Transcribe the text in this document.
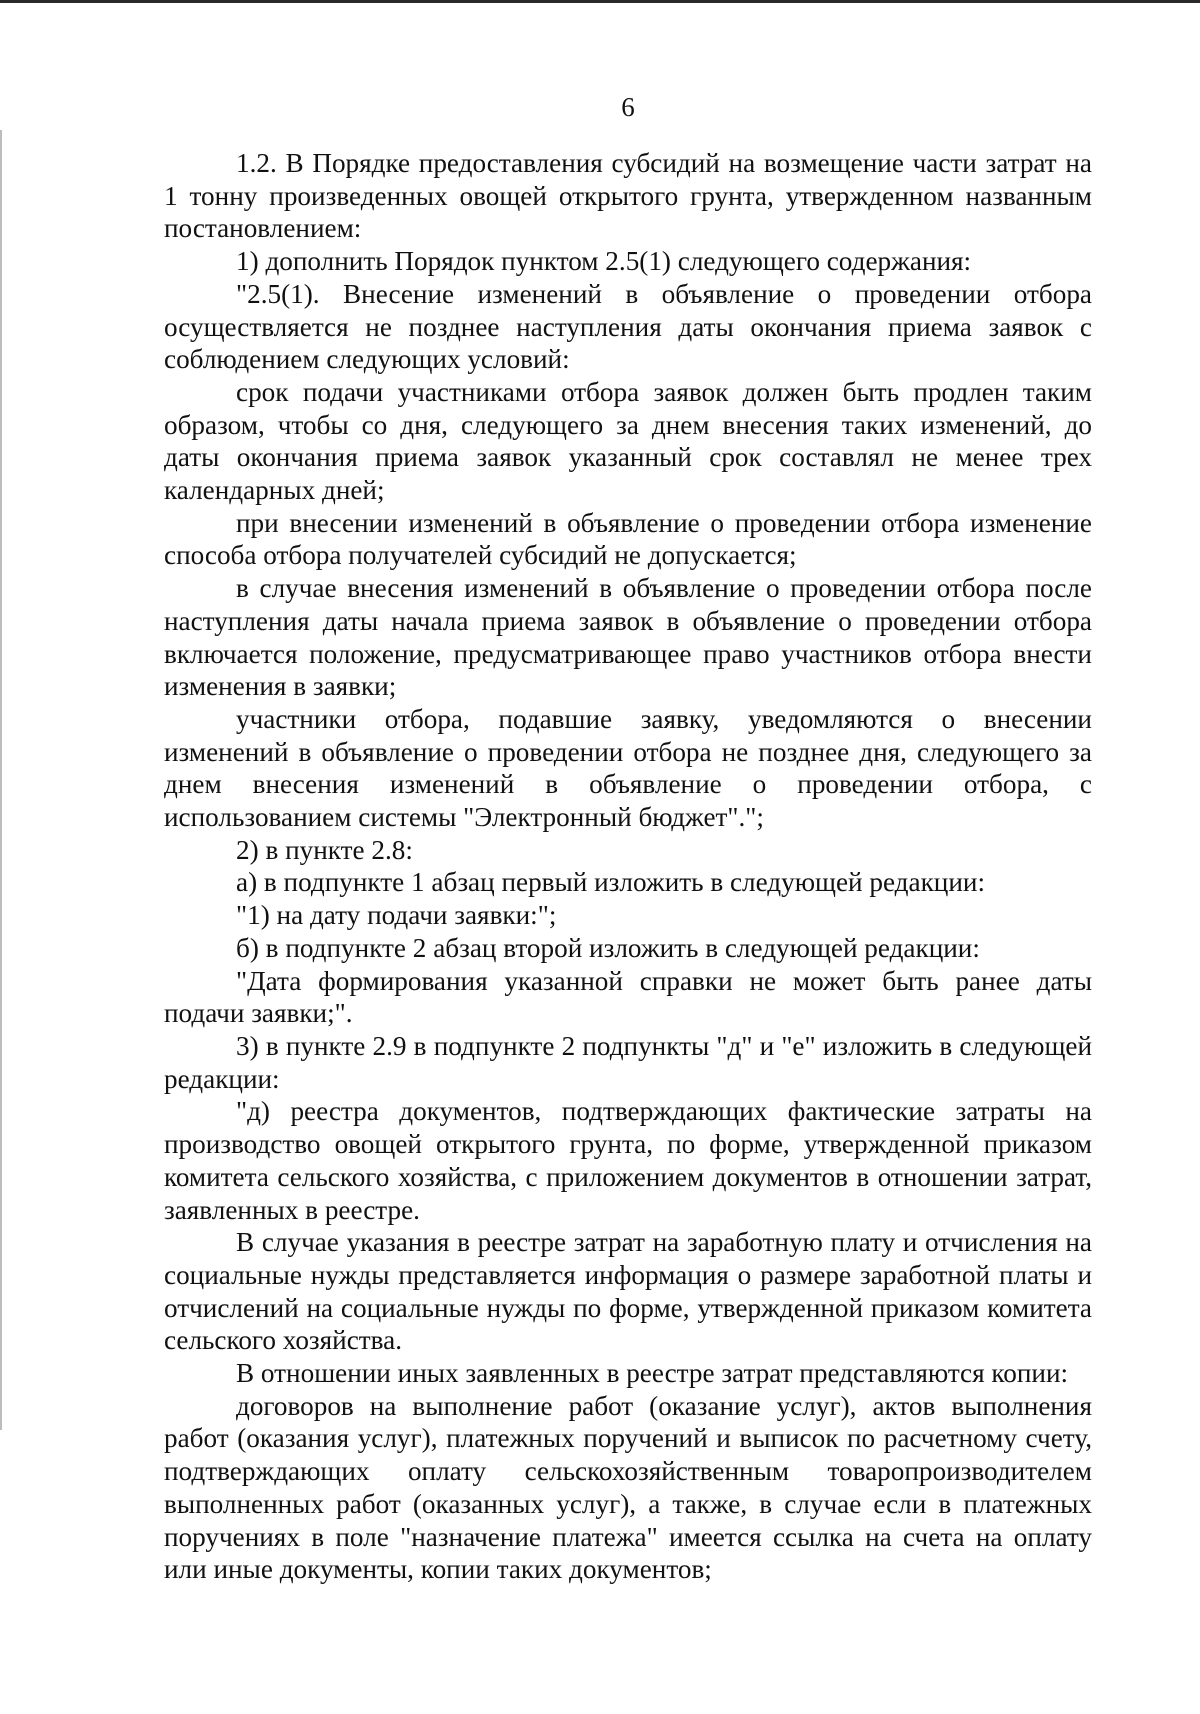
6

1.2. В Порядке предоставления субсидий на возмещение части затрат на 1 тонну произведенных овощей открытого грунта, утвержденном названным постановлением:

1) дополнить Порядок пунктом 2.5(1) следующего содержания:

"2.5(1). Внесение изменений в объявление о проведении отбора осуществляется не позднее наступления даты окончания приема заявок с соблюдением следующих условий:

срок подачи участниками отбора заявок должен быть продлен таким образом, чтобы со дня, следующего за днем внесения таких изменений, до даты окончания приема заявок указанный срок составлял не менее трех календарных дней;

при внесении изменений в объявление о проведении отбора изменение способа отбора получателей субсидий не допускается;

в случае внесения изменений в объявление о проведении отбора после наступления даты начала приема заявок в объявление о проведении отбора включается положение, предусматривающее право участников отбора внести изменения в заявки;

участники отбора, подавшие заявку, уведомляются о внесении изменений в объявление о проведении отбора не позднее дня, следующего за днем внесения изменений в объявление о проведении отбора, с использованием системы "Электронный бюджет".";

2) в пункте 2.8:

а) в подпункте 1 абзац первый изложить в следующей редакции:

"1) на дату подачи заявки:";

б) в подпункте 2 абзац второй изложить в следующей редакции:

"Дата формирования указанной справки не может быть ранее даты подачи заявки;".

3) в пункте 2.9 в подпункте 2 подпункты "д" и "е" изложить в следующей редакции:

"д) реестра документов, подтверждающих фактические затраты на производство овощей открытого грунта, по форме, утвержденной приказом комитета сельского хозяйства, с приложением документов в отношении затрат, заявленных в реестре.

В случае указания в реестре затрат на заработную плату и отчисления на социальные нужды представляется информация о размере заработной платы и отчислений на социальные нужды по форме, утвержденной приказом комитета сельского хозяйства.

В отношении иных заявленных в реестре затрат представляются копии:

договоров на выполнение работ (оказание услуг), актов выполнения работ (оказания услуг), платежных поручений и выписок по расчетному счету, подтверждающих оплату сельскохозяйственным товаропроизводителем выполненных работ (оказанных услуг), а также, в случае если в платежных поручениях в поле "назначение платежа" имеется ссылка на счета на оплату или иные документы, копии таких документов;
